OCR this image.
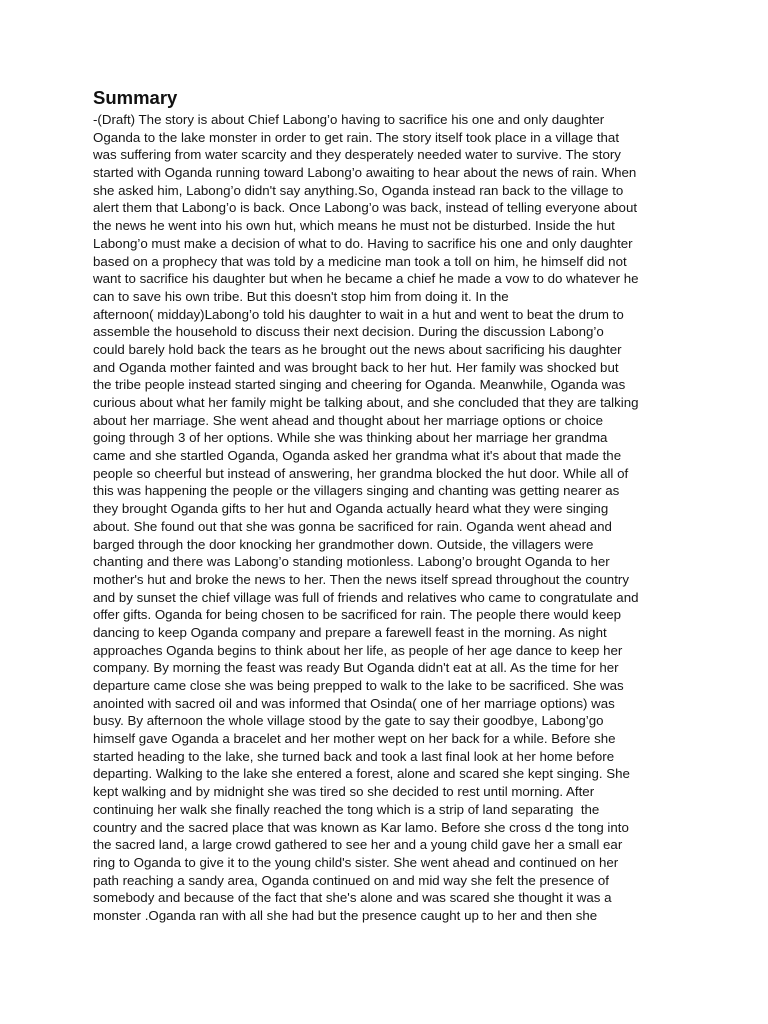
Summary
-(Draft) The story is about Chief Labong’o having to sacrifice his one and only daughter
Oganda to the lake monster in order to get rain. The story itself took place in a village that
was suffering from water scarcity and they desperately needed water to survive. The story
started with Oganda running toward Labong’o awaiting to hear about the news of rain. When
she asked him, Labong’o didn't say anything.So, Oganda instead ran back to the village to
alert them that Labong’o is back. Once Labong’o was back, instead of telling everyone about
the news he went into his own hut, which means he must not be disturbed. Inside the hut
Labong’o must make a decision of what to do. Having to sacrifice his one and only daughter
based on a prophecy that was told by a medicine man took a toll on him, he himself did not
want to sacrifice his daughter but when he became a chief he made a vow to do whatever he
can to save his own tribe. But this doesn't stop him from doing it. In the
afternoon( midday)Labong’o told his daughter to wait in a hut and went to beat the drum to
assemble the household to discuss their next decision. During the discussion Labong’o
could barely hold back the tears as he brought out the news about sacrificing his daughter
and Oganda mother fainted and was brought back to her hut. Her family was shocked but
the tribe people instead started singing and cheering for Oganda. Meanwhile, Oganda was
curious about what her family might be talking about, and she concluded that they are talking
about her marriage. She went ahead and thought about her marriage options or choice
going through 3 of her options. While she was thinking about her marriage her grandma
came and she startled Oganda, Oganda asked her grandma what it's about that made the
people so cheerful but instead of answering, her grandma blocked the hut door. While all of
this was happening the people or the villagers singing and chanting was getting nearer as
they brought Oganda gifts to her hut and Oganda actually heard what they were singing
about. She found out that she was gonna be sacrificed for rain. Oganda went ahead and
barged through the door knocking her grandmother down. Outside, the villagers were
chanting and there was Labong’o standing motionless. Labong’o brought Oganda to her
mother's hut and broke the news to her. Then the news itself spread throughout the country
and by sunset the chief village was full of friends and relatives who came to congratulate and
offer gifts. Oganda for being chosen to be sacrificed for rain. The people there would keep
dancing to keep Oganda company and prepare a farewell feast in the morning. As night
approaches Oganda begins to think about her life, as people of her age dance to keep her
company. By morning the feast was ready But Oganda didn't eat at all. As the time for her
departure came close she was being prepped to walk to the lake to be sacrificed. She was
anointed with sacred oil and was informed that Osinda( one of her marriage options) was
busy. By afternoon the whole village stood by the gate to say their goodbye, Labong’go
himself gave Oganda a bracelet and her mother wept on her back for a while. Before she
started heading to the lake, she turned back and took a last final look at her home before
departing. Walking to the lake she entered a forest, alone and scared she kept singing. She
kept walking and by midnight she was tired so she decided to rest until morning. After
continuing her walk she finally reached the tong which is a strip of land separating  the
country and the sacred place that was known as Kar lamo. Before she cross d the tong into
the sacred land, a large crowd gathered to see her and a young child gave her a small ear
ring to Oganda to give it to the young child's sister. She went ahead and continued on her
path reaching a sandy area, Oganda continued on and mid way she felt the presence of
somebody and because of the fact that she's alone and was scared she thought it was a
monster .Oganda ran with all she had but the presence caught up to her and then she
